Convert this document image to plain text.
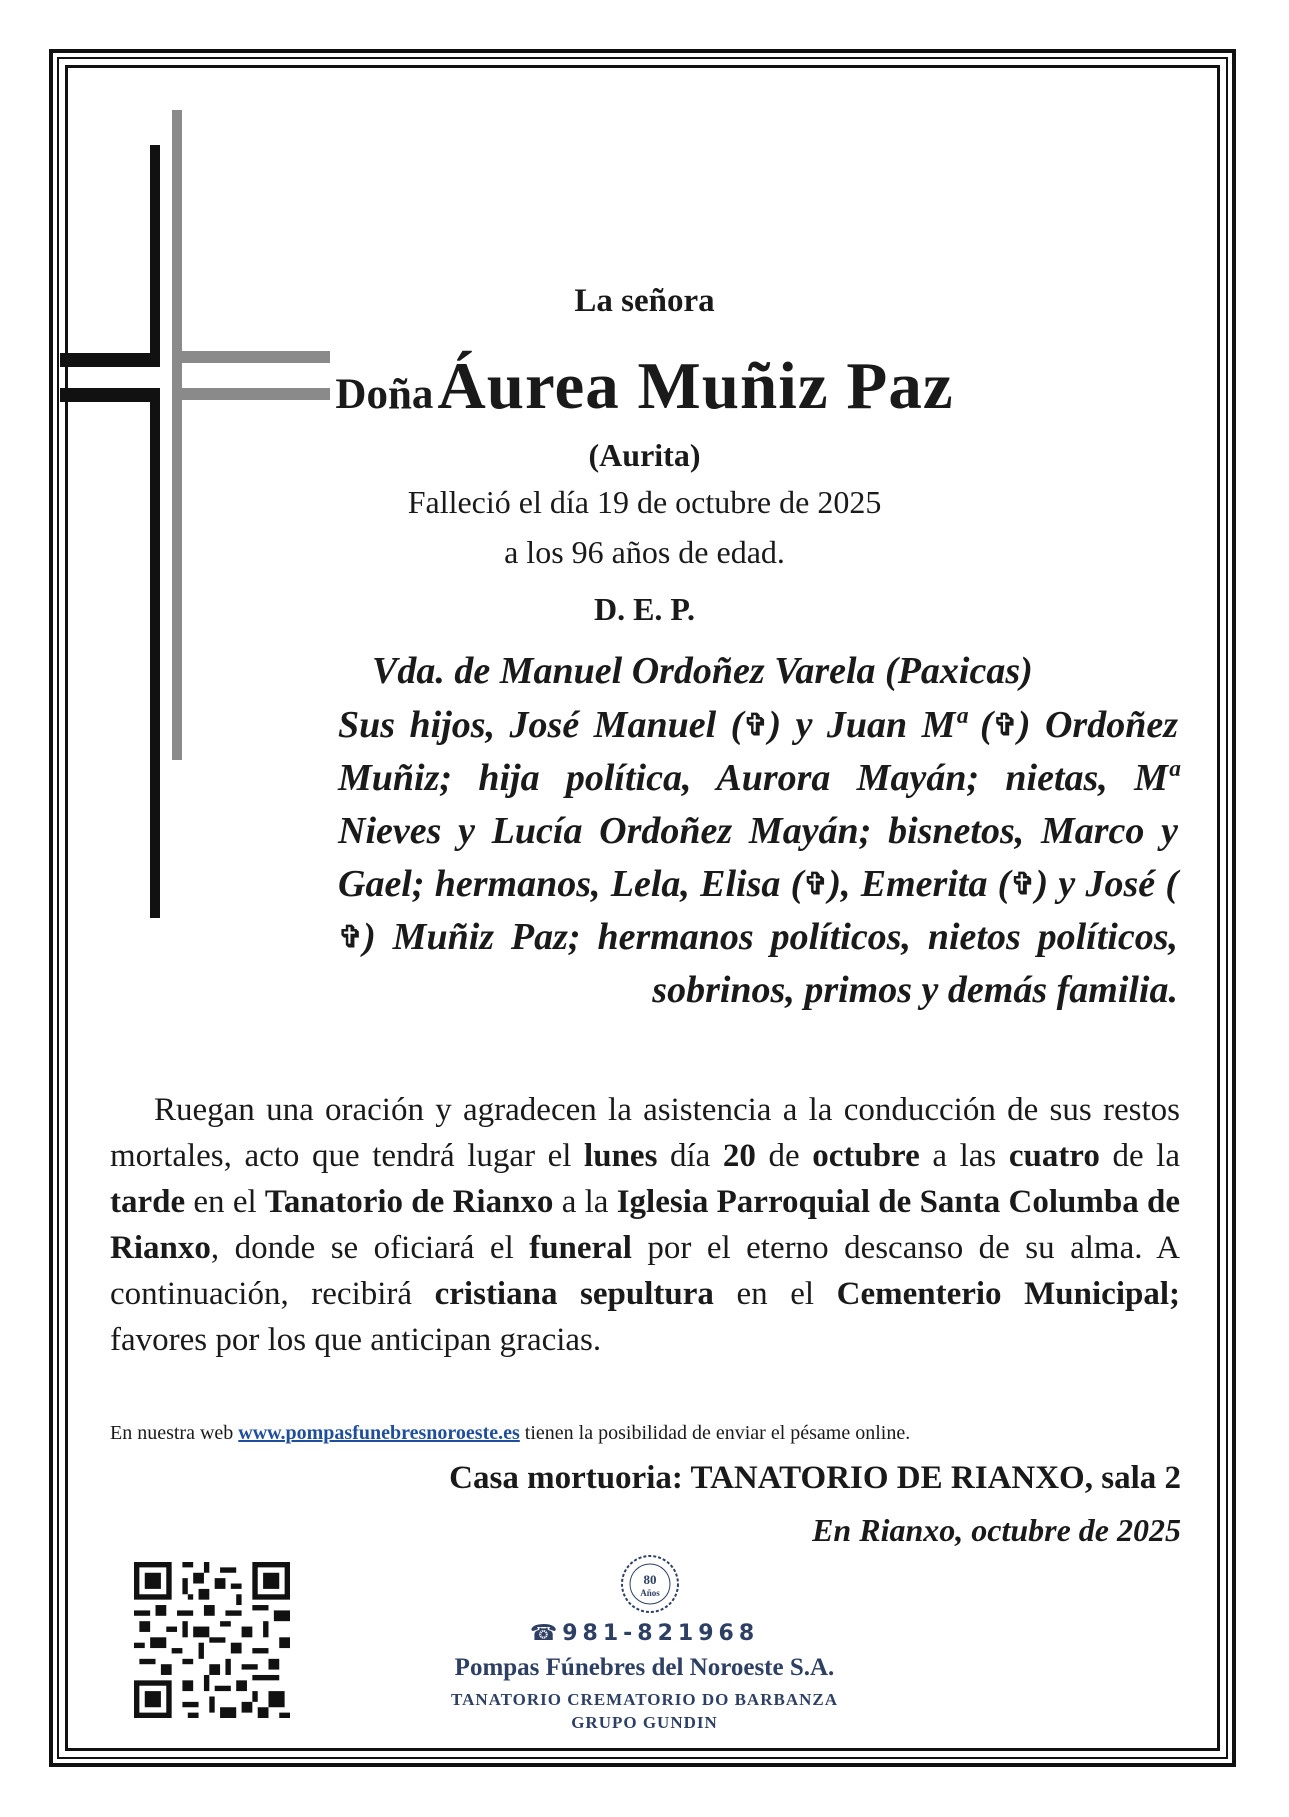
La señora

Doña Áurea Muñiz Paz

(Aurita)

Falleció el día 19 de octubre de 2025

a los 96 años de edad.

D. E. P.

Vda. de Manuel Ordoñez Varela (Paxicas)

Sus hijos, José Manuel (✞) y Juan Mª (✞) Ordoñez Muñiz; hija política, Aurora Mayán; nietas, Mª Nieves y Lucía Ordoñez Mayán; bisnetos, Marco y Gael; hermanos, Lela, Elisa (✞), Emerita (✞) y José (✞) Muñiz Paz; hermanos políticos, nietos políticos, sobrinos, primos y demás familia.

Ruegan una oración y agradecen la asistencia a la conducción de sus restos mortales, acto que tendrá lugar el lunes día 20 de octubre a las cuatro de la tarde en el Tanatorio de Rianxo a la Iglesia Parroquial de Santa Columba de Rianxo, donde se oficiará el funeral por el eterno descanso de su alma. A continuación, recibirá cristiana sepultura en el Cementerio Municipal; favores por los que anticipan gracias.

En nuestra web www.pompasfunebresnoroeste.es tienen la posibilidad de enviar el pésame online.

Casa mortuoria: TANATORIO DE RIANXO, sala 2

En Rianxo, octubre de 2025

80
Años

☎981-821968

Pompas Fúnebres del Noroeste S.A.

TANATORIO CREMATORIO DO BARBANZA

GRUPO GUNDIN
